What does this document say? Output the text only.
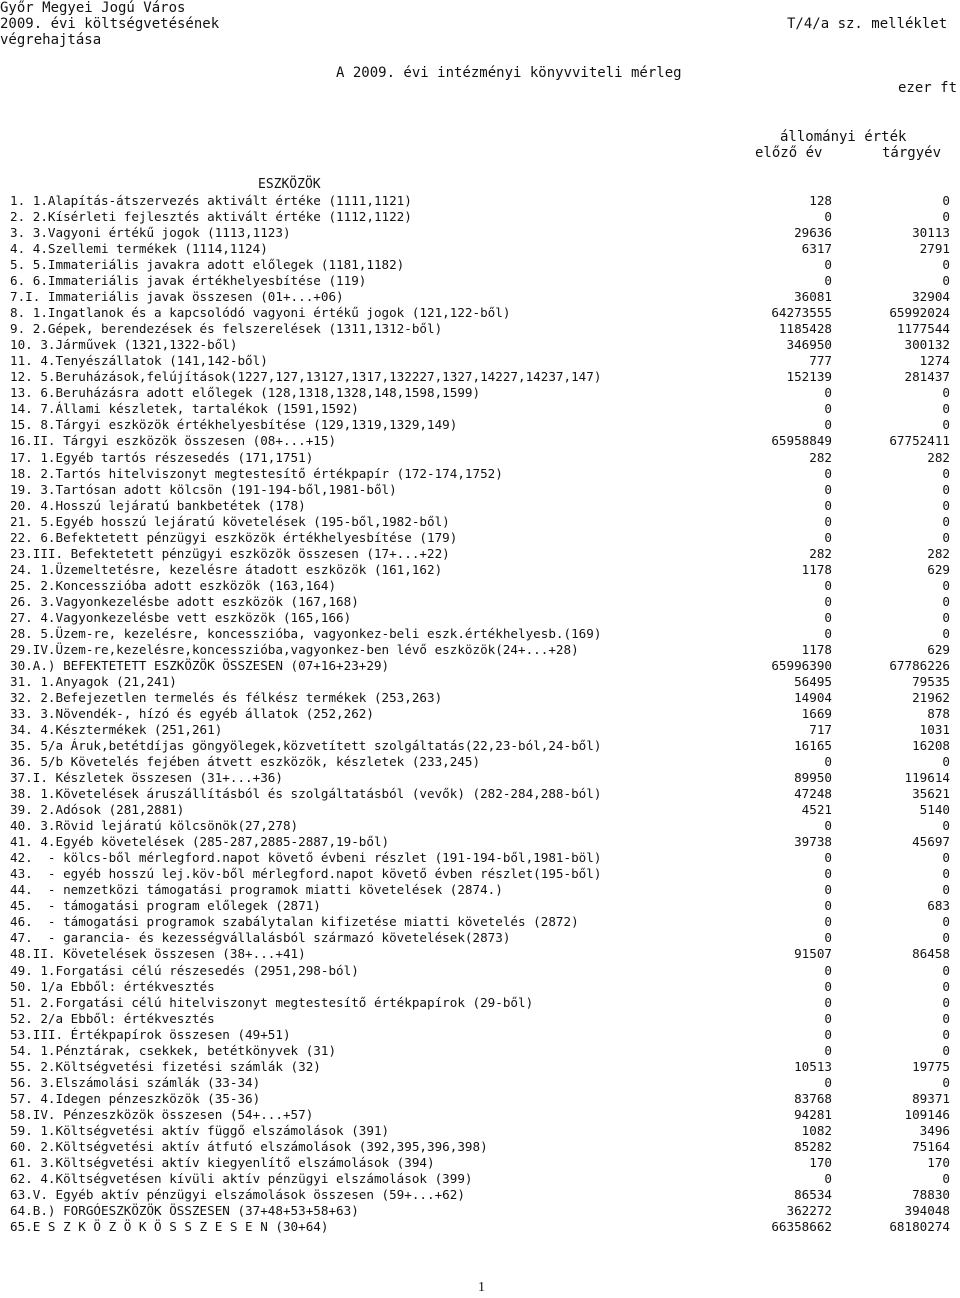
Győr Megyei Jogú Város
2009. évi költségvetésének
végrehajtása
T/4/a sz. melléklet
A 2009. évi intézményi könyvviteli mérleg
ezer ft
állományi érték
előző év	tárgyév
ESZKÖZÖK
1. 1.Alapítás-átszervezés aktivált értéke (1111,1121)	128	0
2. 2.Kísérleti fejlesztés aktivált értéke (1112,1122)	0	0
3. 3.Vagyoni értékű jogok (1113,1123)	29636	30113
4. 4.Szellemi termékek (1114,1124)	6317	2791
5. 5.Immateriális javakra adott előlegek (1181,1182)	0	0
6. 6.Immateriális javak értékhelyesbítése (119)	0	0
7.I. Immateriális javak összesen (01+...+06)	36081	32904
8. 1.Ingatlanok és a kapcsolódó vagyoni értékű jogok (121,122-ből)	64273555	65992024
9. 2.Gépek, berendezések és felszerelések (1311,1312-ből)	1185428	1177544
10. 3.Járművek (1321,1322-ből)	346950	300132
11. 4.Tenyészállatok (141,142-ből)	777	1274
12. 5.Beruházások,felújítások(1227,127,13127,1317,132227,1327,14227,14237,147)	152139	281437
13. 6.Beruházásra adott előlegek (128,1318,1328,148,1598,1599)	0	0
14. 7.Állami készletek, tartalékok (1591,1592)	0	0
15. 8.Tárgyi eszközök értékhelyesbítése (129,1319,1329,149)	0	0
16.II. Tárgyi eszközök összesen (08+...+15)	65958849	67752411
17. 1.Egyéb tartós részesedés (171,1751)	282	282
18. 2.Tartós hitelviszonyt megtestesítő értékpapír (172-174,1752)	0	0
19. 3.Tartósan adott kölcsön (191-194-ből,1981-ből)	0	0
20. 4.Hosszú lejáratú bankbetétek (178)	0	0
21. 5.Egyéb hosszú lejáratú követelések (195-ből,1982-ből)	0	0
22. 6.Befektetett pénzügyi eszközök értékhelyesbítése (179)	0	0
23.III. Befektetett pénzügyi eszközök összesen (17+...+22)	282	282
24. 1.Üzemeltetésre, kezelésre átadott eszközök (161,162)	1178	629
25. 2.Koncesszióba adott eszközök (163,164)	0	0
26. 3.Vagyonkezelésbe adott eszközök (167,168)	0	0
27. 4.Vagyonkezelésbe vett eszközök (165,166)	0	0
28. 5.Üzem-re, kezelésre, koncesszióba, vagyonkez-beli eszk.értékhelyesb.(169)	0	0
29.IV.Üzem-re,kezelésre,koncesszióba,vagyonkez-ben lévő eszközök(24+...+28)	1178	629
30.A.) BEFEKTETETT ESZKÖZÖK ÖSSZESEN (07+16+23+29)	65996390	67786226
31. 1.Anyagok (21,241)	56495	79535
32. 2.Befejezetlen termelés és félkész termékek (253,263)	14904	21962
33. 3.Növendék-, hízó és egyéb állatok (252,262)	1669	878
34. 4.Késztermékek (251,261)	717	1031
35. 5/a Áruk,betétdíjas göngyölegek,közvetített szolgáltatás(22,23-ból,24-ből)	16165	16208
36. 5/b Követelés fejében átvett eszközök, készletek (233,245)	0	0
37.I. Készletek összesen (31+...+36)	89950	119614
38. 1.Követelések áruszállításból és szolgáltatásból (vevők) (282-284,288-ból)	47248	35621
39. 2.Adósok (281,2881)	4521	5140
40. 3.Rövid lejáratú kölcsönök(27,278)	0	0
41. 4.Egyéb követelések (285-287,2885-2887,19-ből)	39738	45697
42.  - kölcs-ből mérlegford.napot követő évbeni részlet (191-194-ből,1981-böl)	0	0
43.  - egyéb hosszú lej.köv-ből mérlegford.napot követő évben részlet(195-ből)	0	0
44.  - nemzetközi támogatási programok miatti követelések (2874.)	0	0
45.  - támogatási program előlegek (2871)	0	683
46.  - támogatási programok szabálytalan kifizetése miatti követelés (2872)	0	0
47.  - garancia- és kezességvállalásból származó követelések(2873)	0	0
48.II. Követelések összesen (38+...+41)	91507	86458
49. 1.Forgatási célú részesedés (2951,298-ból)	0	0
50. 1/a Ebből: értékvesztés	0	0
51. 2.Forgatási célú hitelviszonyt megtestesítő értékpapírok (29-ből)	0	0
52. 2/a Ebből: értékvesztés	0	0
53.III. Értékpapírok összesen (49+51)	0	0
54. 1.Pénztárak, csekkek, betétkönyvek (31)	0	0
55. 2.Költségvetési fizetési számlák (32)	10513	19775
56. 3.Elszámolási számlák (33-34)	0	0
57. 4.Idegen pénzeszközök (35-36)	83768	89371
58.IV. Pénzeszközök összesen (54+...+57)	94281	109146
59. 1.Költségvetési aktív függő elszámolások (391)	1082	3496
60. 2.Költségvetési aktív átfutó elszámolások (392,395,396,398)	85282	75164
61. 3.Költségvetési aktív kiegyenlítő elszámolások (394)	170	170
62. 4.Költségvetésen kívüli aktív pénzügyi elszámolások (399)	0	0
63.V. Egyéb aktív pénzügyi elszámolások összesen (59+...+62)	86534	78830
64.B.) FORGÓESZKÖZÖK ÖSSZESEN (37+48+53+58+63)	362272	394048
65.E S Z K Ö Z Ö K Ö S S Z E S E N (30+64)	66358662	68180274
1
